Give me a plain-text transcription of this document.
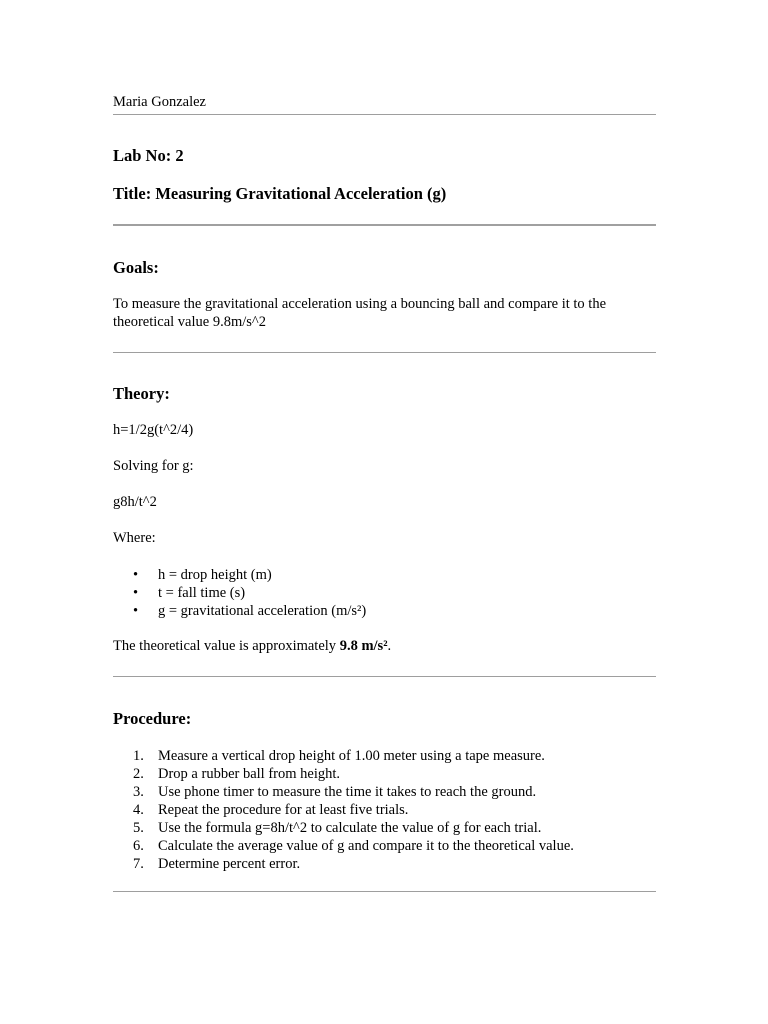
Maria Gonzalez
Lab No: 2
Title: Measuring Gravitational Acceleration (g)
Goals:
To measure the gravitational acceleration using a bouncing ball and compare it to the theoretical value 9.8m/s^2
Theory:
h=1/2g(t^2/4)
Solving for g:
g8h/t^2
Where:
• h = drop height (m)
• t = fall time (s)
• g = gravitational acceleration (m/s²)
The theoretical value is approximately 9.8 m/s².
Procedure:
1. Measure a vertical drop height of 1.00 meter using a tape measure.
2. Drop a rubber ball from height.
3. Use phone timer to measure the time it takes to reach the ground.
4. Repeat the procedure for at least five trials.
5. Use the formula g=8h/t^2 to calculate the value of g for each trial.
6. Calculate the average value of g and compare it to the theoretical value.
7. Determine percent error.
